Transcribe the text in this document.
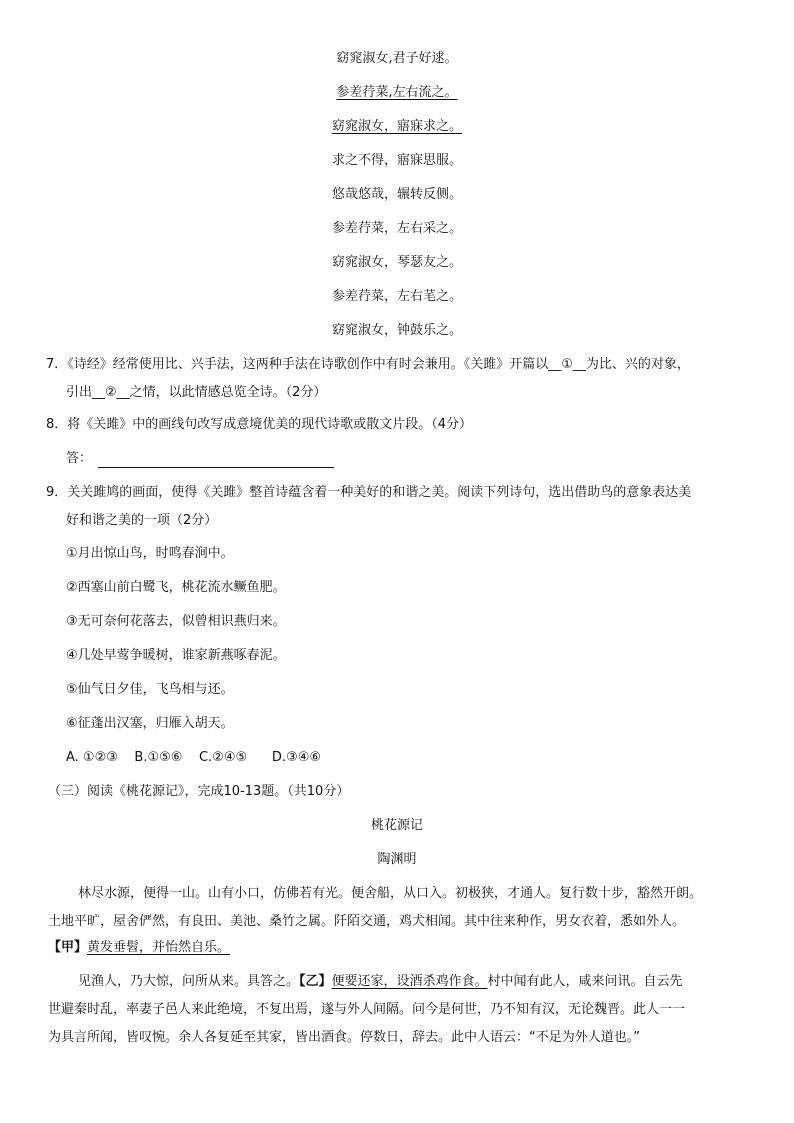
窈窕淑女,君子好逑。
参差荇菜,左右流之。
窈窕淑女，寤寐求之。
求之不得，寤寐思服。
悠哉悠哉，辗转反侧。
参差荇菜，左右采之。
窈窕淑女，琴瑟友之。
参差荇菜，左右芼之。
窈窕淑女，钟鼓乐之。
7．《诗经》经常使用比、兴手法，这两种手法在诗歌创作中有时会兼用。《关雎》开篇以__①__为比、兴的对象，
引出__②__之情，以此情感总览全诗。（2分）
8．将《关雎》中的画线句改写成意境优美的现代诗歌或散文片段。（4分）
答：
9．关关雎鸠的画面，使得《关雎》整首诗蕴含着一种美好的和谐之美。阅读下列诗句，选出借助鸟的意象表达美
好和谐之美的一项（2分）
①月出惊山鸟，时鸣春涧中。
②西塞山前白鹭飞，桃花流水鳜鱼肥。
③无可奈何花落去，似曾相识燕归来。
④几处早莺争暖树，谁家新燕啄春泥。
⑤仙气日夕佳，飞鸟相与还。
⑥征蓬出汉塞，归雁入胡天。
A. ①②③    B.①⑤⑥    C.②④⑤      D.③④⑥
（三）阅读《桃花源记》，完成10-13题。（共10分）
桃花源记
陶渊明
林尽水源，便得一山。山有小口，仿佛若有光。便舍船，从口入。初极狭，才通人。复行数十步，豁然开朗。
土地平旷，屋舍俨然，有良田、美池、桑竹之属。阡陌交通，鸡犬相闻。其中往来种作，男女衣着，悉如外人。
【甲】黄发垂髫，并怡然自乐。
见渔人，乃大惊，问所从来。具答之。【乙】便要还家，设酒杀鸡作食。村中闻有此人，咸来问讯。自云先
世避秦时乱，率妻子邑人来此绝境，不复出焉，遂与外人间隔。问今是何世，乃不知有汉，无论魏晋。此人一一
为具言所闻，皆叹惋。余人各复延至其家，皆出酒食。停数日，辞去。此中人语云：“不足为外人道也。”
